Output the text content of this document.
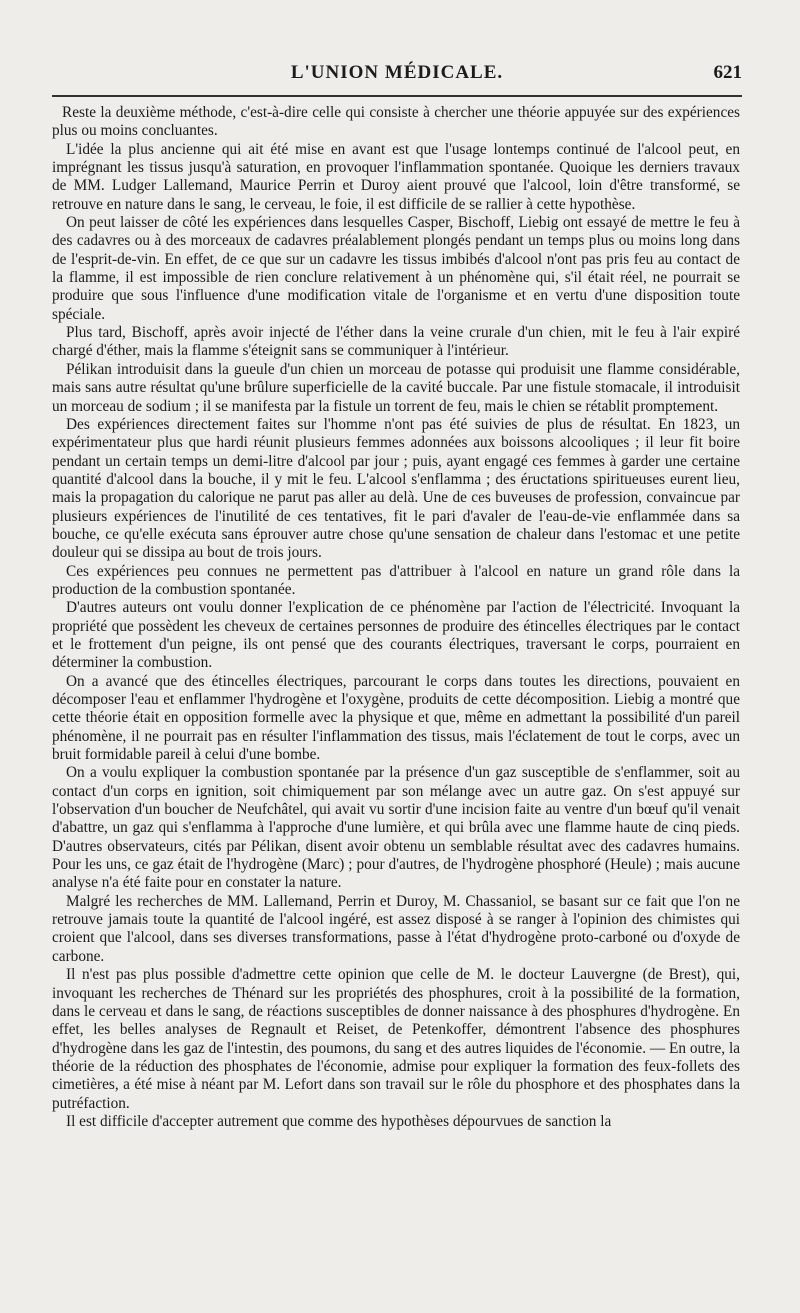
L'UNION MÉDICALE.	621

Reste la deuxième méthode, c'est-à-dire celle qui consiste à chercher une théorie appuyée sur des expériences plus ou moins concluantes.

L'idée la plus ancienne qui ait été mise en avant est que l'usage lontemps continué de l'alcool peut, en imprégnant les tissus jusqu'à saturation, en provoquer l'inflammation spontanée. Quoique les derniers travaux de MM. Ludger Lallemand, Maurice Perrin et Duroy aient prouvé que l'alcool, loin d'être transformé, se retrouve en nature dans le sang, le cerveau, le foie, il est difficile de se rallier à cette hypothèse.

On peut laisser de côté les expériences dans lesquelles Casper, Bischoff, Liebig ont essayé de mettre le feu à des cadavres ou à des morceaux de cadavres préalablement plongés pendant un temps plus ou moins long dans de l'esprit-de-vin. En effet, de ce que sur un cadavre les tissus imbibés d'alcool n'ont pas pris feu au contact de la flamme, il est impossible de rien conclure relativement à un phénomène qui, s'il était réel, ne pourrait se produire que sous l'influence d'une modification vitale de l'organisme et en vertu d'une disposition toute spéciale.

Plus tard, Bischoff, après avoir injecté de l'éther dans la veine crurale d'un chien, mit le feu à l'air expiré chargé d'éther, mais la flamme s'éteignit sans se communiquer à l'intérieur.

Pélikan introduisit dans la gueule d'un chien un morceau de potasse qui produisit une flamme considérable, mais sans autre résultat qu'une brûlure superficielle de la cavité buccale. Par une fistule stomacale, il introduisit un morceau de sodium ; il se manifesta par la fistule un torrent de feu, mais le chien se rétablit promptement.

Des expériences directement faites sur l'homme n'ont pas été suivies de plus de résultat. En 1823, un expérimentateur plus que hardi réunit plusieurs femmes adonnées aux boissons alcooliques ; il leur fit boire pendant un certain temps un demi-litre d'alcool par jour ; puis, ayant engagé ces femmes à garder une certaine quantité d'alcool dans la bouche, il y mit le feu. L'alcool s'enflamma ; des éructations spiritueuses eurent lieu, mais la propagation du calorique ne parut pas aller au delà. Une de ces buveuses de profession, convaincue par plusieurs expériences de l'inutilité de ces tentatives, fit le pari d'avaler de l'eau-de-vie enflammée dans sa bouche, ce qu'elle exécuta sans éprouver autre chose qu'une sensation de chaleur dans l'estomac et une petite douleur qui se dissipa au bout de trois jours.

Ces expériences peu connues ne permettent pas d'attribuer à l'alcool en nature un grand rôle dans la production de la combustion spontanée.

D'autres auteurs ont voulu donner l'explication de ce phénomène par l'action de l'électricité. Invoquant la propriété que possèdent les cheveux de certaines personnes de produire des étincelles électriques par le contact et le frottement d'un peigne, ils ont pensé que des courants électriques, traversant le corps, pourraient en déterminer la combustion.

On a avancé que des étincelles électriques, parcourant le corps dans toutes les directions, pouvaient en décomposer l'eau et enflammer l'hydrogène et l'oxygène, produits de cette décomposition. Liebig a montré que cette théorie était en opposition formelle avec la physique et que, même en admettant la possibilité d'un pareil phénomène, il ne pourrait pas en résulter l'inflammation des tissus, mais l'éclatement de tout le corps, avec un bruit formidable pareil à celui d'une bombe.

On a voulu expliquer la combustion spontanée par la présence d'un gaz susceptible de s'enflammer, soit au contact d'un corps en ignition, soit chimiquement par son mélange avec un autre gaz. On s'est appuyé sur l'observation d'un boucher de Neufchâtel, qui avait vu sortir d'une incision faite au ventre d'un bœuf qu'il venait d'abattre, un gaz qui s'enflamma à l'approche d'une lumière, et qui brûla avec une flamme haute de cinq pieds. D'autres observateurs, cités par Pélikan, disent avoir obtenu un semblable résultat avec des cadavres humains. Pour les uns, ce gaz était de l'hydrogène (Marc) ; pour d'autres, de l'hydrogène phosphoré (Heule) ; mais aucune analyse n'a été faite pour en constater la nature.

Malgré les recherches de MM. Lallemand, Perrin et Duroy, M. Chassaniol, se basant sur ce fait que l'on ne retrouve jamais toute la quantité de l'alcool ingéré, est assez disposé à se ranger à l'opinion des chimistes qui croient que l'alcool, dans ses diverses transformations, passe à l'état d'hydrogène proto-carboné ou d'oxyde de carbone.

Il n'est pas plus possible d'admettre cette opinion que celle de M. le docteur Lauvergne (de Brest), qui, invoquant les recherches de Thénard sur les propriétés des phosphures, croit à la possibilité de la formation, dans le cerveau et dans le sang, de réactions susceptibles de donner naissance à des phosphures d'hydrogène. En effet, les belles analyses de Regnault et Reiset, de Petenkoffer, démontrent l'absence des phosphures d'hydrogène dans les gaz de l'intestin, des poumons, du sang et des autres liquides de l'économie. — En outre, la théorie de la réduction des phosphates de l'économie, admise pour expliquer la formation des feux-follets des cimetières, a été mise à néant par M. Lefort dans son travail sur le rôle du phosphore et des phosphates dans la putréfaction.

Il est difficile d'accepter autrement que comme des hypothèses dépourvues de sanction la
